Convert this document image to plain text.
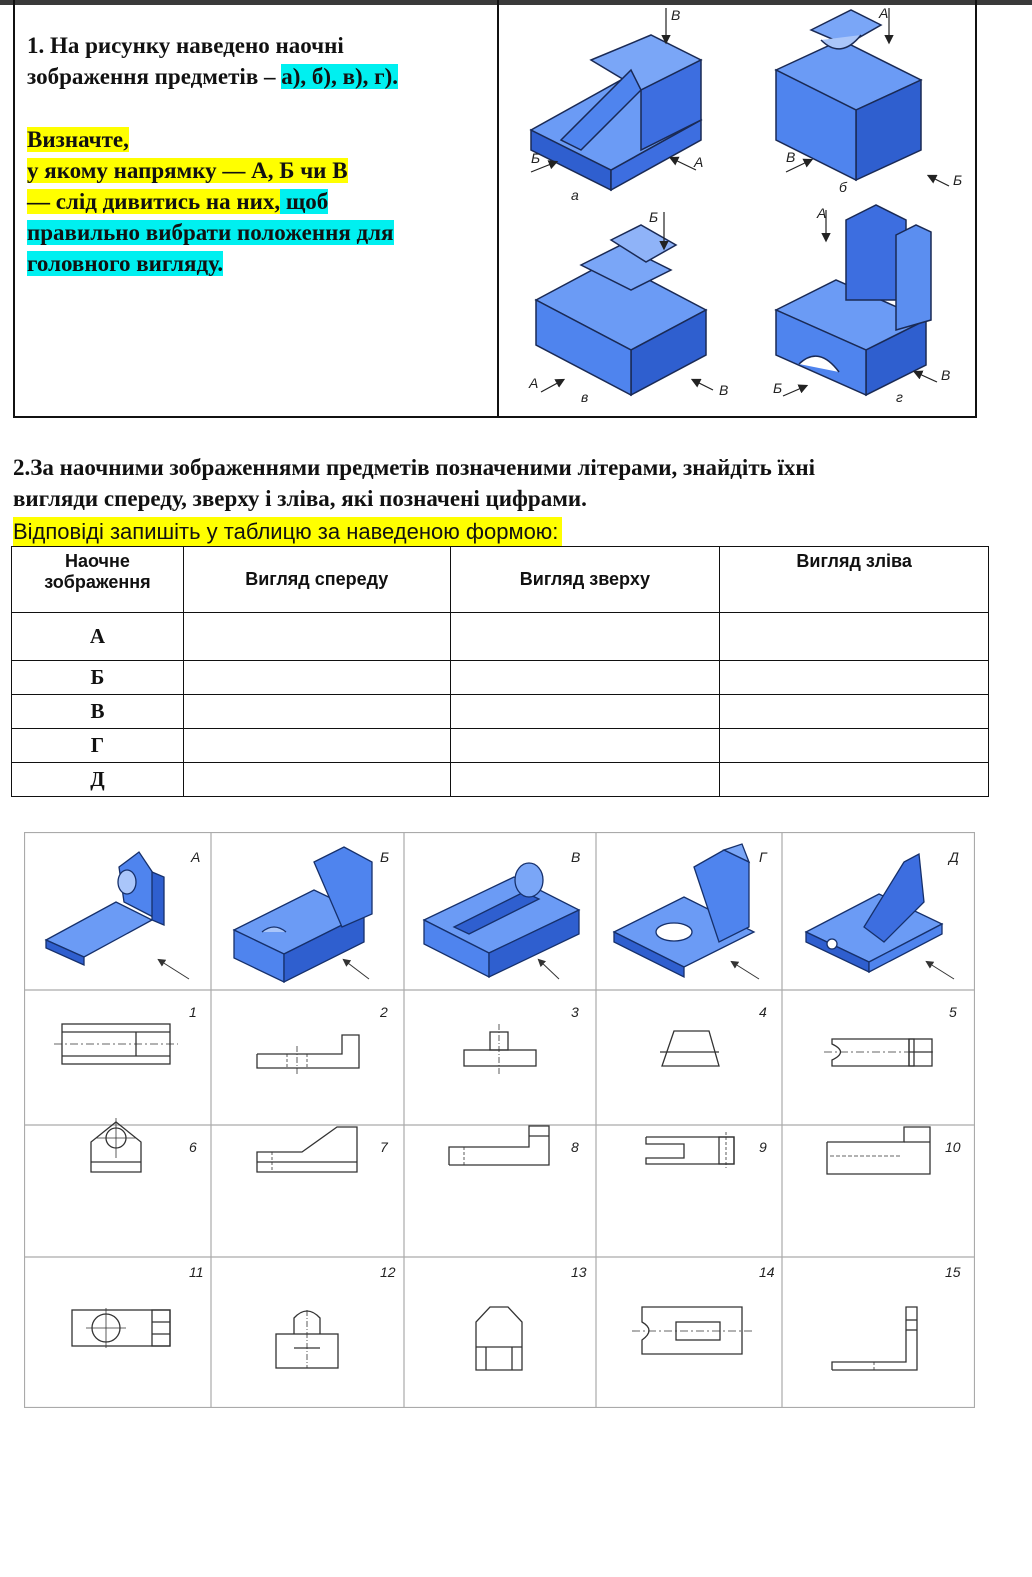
1. На рисунку наведено наочні

зображення предметів – а), б), в), г).

Визначте,

у якому напрямку — А, Б чи В

— слід дивитись на них, щоб

правильно вибрати положення для

головного вигляду.

а
Б	А
В
б
В
Б
А
в
А	В
Б
г
Б
В
А

2.За наочними зображеннями предметів позначеними літерами, знайдіть їхні

вигляди спереду, зверху і зліва, які позначені цифрами.

Відповіді запишіть у таблицю за наведеною формою:
Наочне зображення	Вигляд спереду	Вигляд зверху	Вигляд зліва
А			
Б			
В			
Г			
Д			
А	Б	В	Г	Д
1	2	3	4	5
6	7	8	9	10
11	12	13	14	15
